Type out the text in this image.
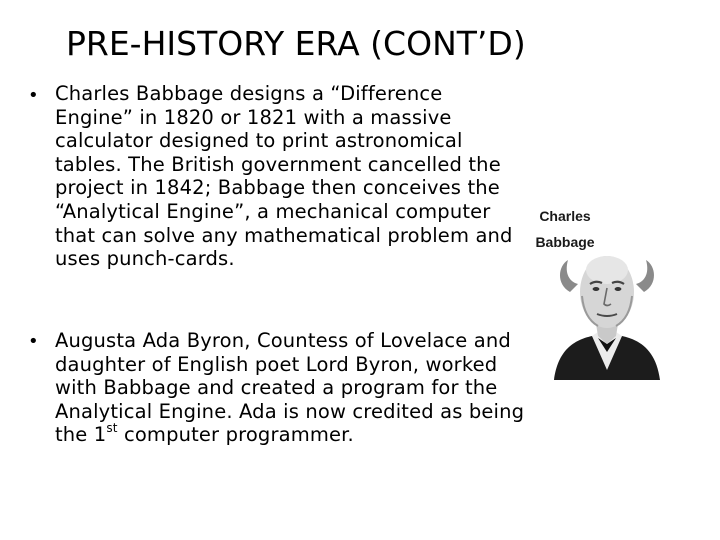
PRE-HISTORY ERA (CONT’D)
• Charles Babbage designs a “Difference Engine” in 1820 or 1821 with a massive calculator designed to print astronomical tables. The British government cancelled the project in 1842; Babbage then conceives the “Analytical Engine”, a mechanical computer that can solve any mathematical problem and uses punch-cards.
• Augusta Ada Byron, Countess of Lovelace and daughter of English poet Lord Byron, worked with Babbage and created a program for the Analytical Engine. Ada is now credited as being the 1st computer programmer.
Charles
Babbage
